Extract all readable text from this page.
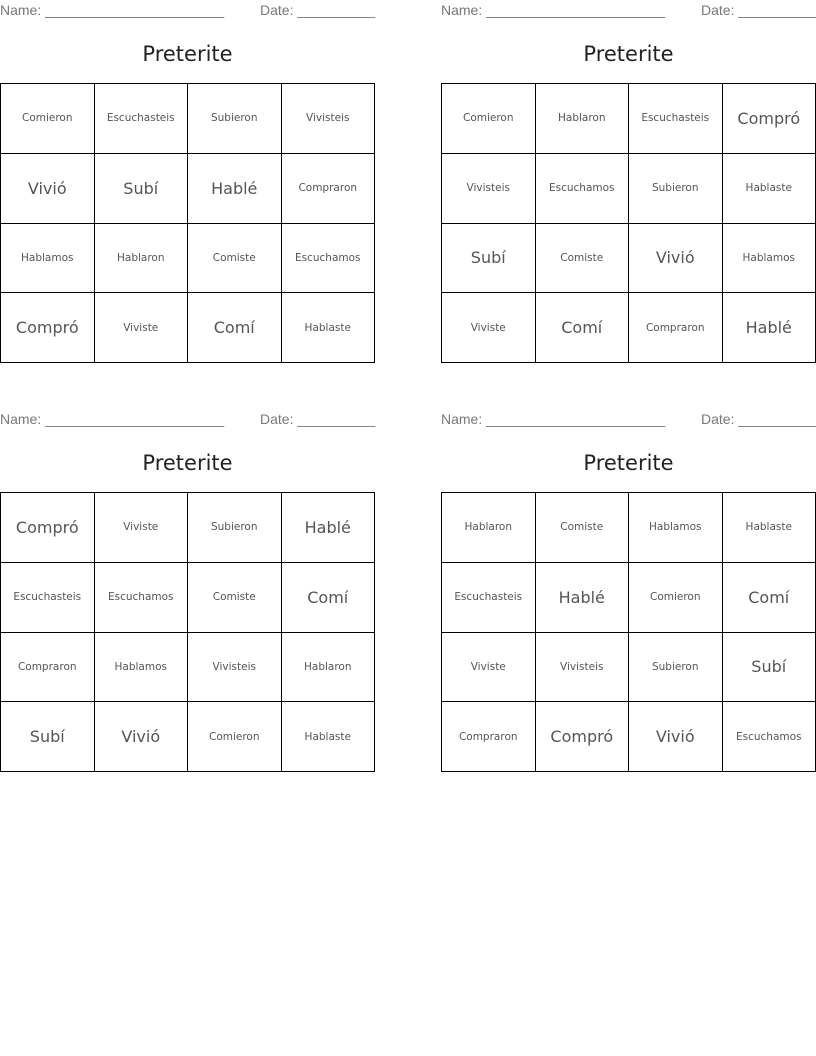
Name: _______________________	Date: __________
Preterite
Comieron	Escuchasteis	Subieron	Vivisteis
Vivió	Subí	Hablé	Compraron
Hablamos	Hablaron	Comiste	Escuchamos
Compró	Viviste	Comí	Hablaste
Name: _______________________	Date: __________
Preterite
Comieron	Hablaron	Escuchasteis	Compró
Vivisteis	Escuchamos	Subieron	Hablaste
Subí	Comiste	Vivió	Hablamos
Viviste	Comí	Compraron	Hablé
Name: _______________________	Date: __________
Preterite
Compró	Viviste	Subieron	Hablé
Escuchasteis	Escuchamos	Comiste	Comí
Compraron	Hablamos	Vivisteis	Hablaron
Subí	Vivió	Comieron	Hablaste
Name: _______________________	Date: __________
Preterite
Hablaron	Comiste	Hablamos	Hablaste
Escuchasteis	Hablé	Comieron	Comí
Viviste	Vivisteis	Subieron	Subí
Compraron	Compró	Vivió	Escuchamos
